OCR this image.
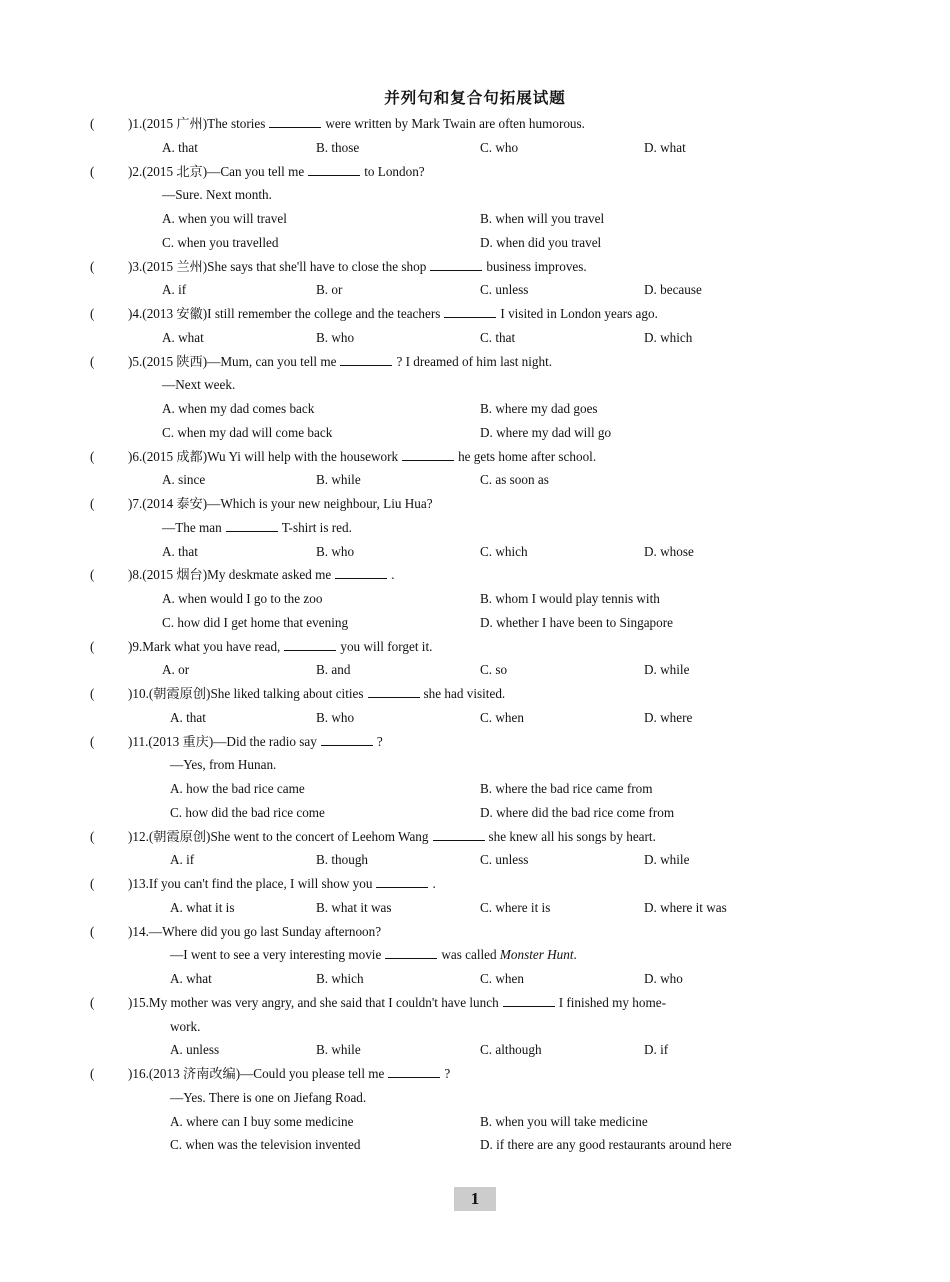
并列句和复合句拓展试题
(	)1.(2015 广州)The stories	were written by Mark Twain are often humorous.
A. that	B. those	C. who	D. what
(	)2.(2015 北京)—Can you tell me	to London?
—Sure. Next month.
A. when you will travel	B. when will you travel
C. when you travelled	D. when did you travel
(	)3.(2015 兰州)She says that she'll have to close the shop	business improves.
A. if	B. or	C. unless	D. because
(	)4.(2013 安徽)I still remember the college and the teachers	I visited in London years ago.
A. what	B. who	C. that	D. which
(	)5.(2015 陕西)—Mum, can you tell me	? I dreamed of him last night.
—Next week.
A. when my dad comes back	B. where my dad goes
C. when my dad will come back	D. where my dad will go
(	)6.(2015 成都)Wu Yi will help with the housework	he gets home after school.
A. since	B. while	C. as soon as
(	)7.(2014 泰安)—Which is your new neighbour, Liu Hua?
—The man	T-shirt is red.
A. that	B. who	C. which	D. whose
(	)8.(2015 烟台)My deskmate asked me	.
A. when would I go to the zoo	B. whom I would play tennis with
C. how did I get home that evening	D. whether I have been to Singapore
(	)9.Mark what you have read,	you will forget it.
A. or	B. and	C. so	D. while
(	)10.(朝霞原创)She liked talking about cities	she had visited.
A. that	B. who	C. when	D. where
(	)11.(2013 重庆)—Did the radio say	?
—Yes, from Hunan.
A. how the bad rice came	B. where the bad rice came from
C. how did the bad rice come	D. where did the bad rice come from
(	)12.(朝霞原创)She went to the concert of Leehom Wang	she knew all his songs by heart.
A. if	B. though	C. unless	D. while
(	)13.If you can't find the place, I will show you	.
A. what it is	B. what it was	C. where it is	D. where it was
(	)14.—Where did you go last Sunday afternoon?
—I went to see a very interesting movie	was called Monster Hunt.
A. what	B. which	C. when	D. who
(	)15.My mother was very angry, and she said that I couldn't have lunch	I finished my home-
work.
A. unless	B. while	C. although	D. if
(	)16.(2013 济南改编)—Could you please tell me	?
—Yes. There is one on Jiefang Road.
A. where can I buy some medicine	B. when you will take medicine
C. when was the television invented	D. if there are any good restaurants around here
1
